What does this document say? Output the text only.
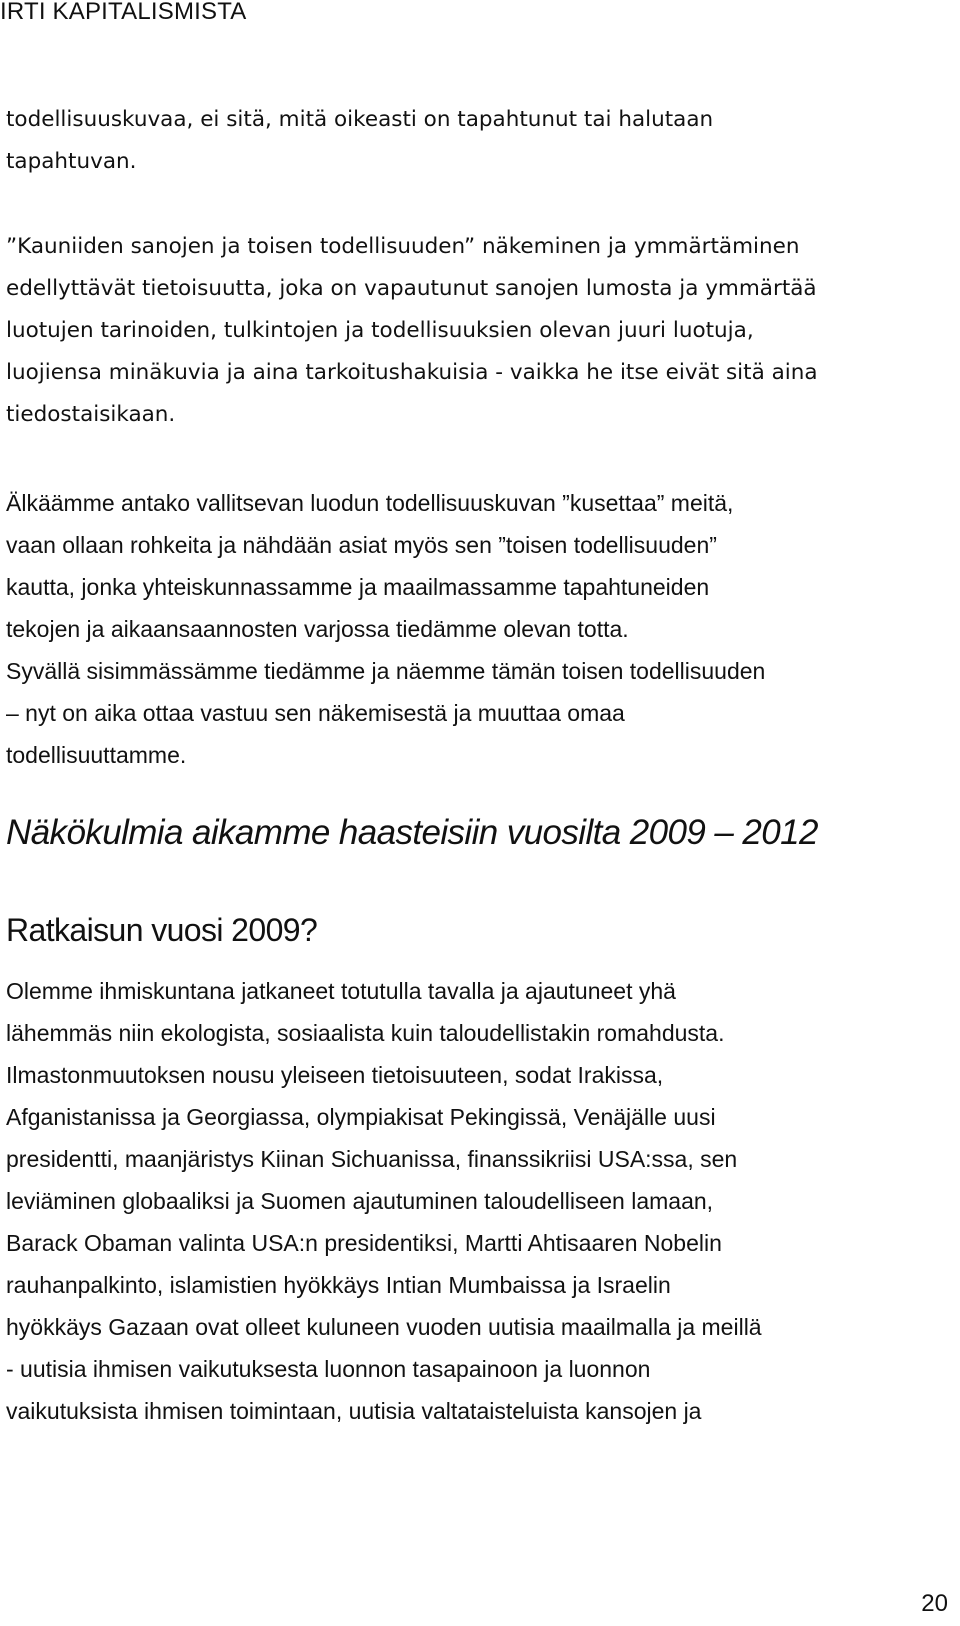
IRTI KAPITALISMISTA
todellisuuskuvaa, ei sitä, mitä oikeasti on tapahtunut tai halutaan
tapahtuvan.
”Kauniiden sanojen ja toisen todellisuuden” näkeminen ja ymmärtäminen
edellyttävät tietoisuutta, joka on vapautunut sanojen lumosta ja ymmärtää
luotujen tarinoiden, tulkintojen ja todellisuuksien olevan juuri luotuja,
luojiensa minäkuvia ja aina tarkoitushakuisia - vaikka he itse eivät sitä aina
tiedostaisikaan.
Älkäämme antako vallitsevan luodun todellisuuskuvan ”kusettaa” meitä,
vaan ollaan rohkeita ja nähdään asiat myös sen ”toisen todellisuuden”
kautta, jonka yhteiskunnassamme ja maailmassamme tapahtuneiden
tekojen ja aikaansaannosten varjossa tiedämme olevan totta.
Syvällä sisimmässämme tiedämme ja näemme tämän toisen todellisuuden
– nyt on aika ottaa vastuu sen näkemisestä ja muuttaa omaa
todellisuuttamme.
Näkökulmia aikamme haasteisiin vuosilta 2009 – 2012
Ratkaisun vuosi 2009?
Olemme ihmiskuntana jatkaneet totutulla tavalla ja ajautuneet yhä
lähemmäs niin ekologista, sosiaalista kuin taloudellistakin romahdusta.
Ilmastonmuutoksen nousu yleiseen tietoisuuteen, sodat Irakissa,
Afganistanissa ja Georgiassa, olympiakisat Pekingissä, Venäjälle uusi
presidentti, maanjäristys Kiinan Sichuanissa, finanssikriisi USA:ssa, sen
leviäminen globaaliksi ja Suomen ajautuminen taloudelliseen lamaan,
Barack Obaman valinta USA:n presidentiksi, Martti Ahtisaaren Nobelin
rauhanpalkinto, islamistien hyökkäys Intian Mumbaissa ja Israelin
hyökkäys Gazaan ovat olleet kuluneen vuoden uutisia maailmalla ja meillä
- uutisia ihmisen vaikutuksesta luonnon tasapainoon ja luonnon
vaikutuksista ihmisen toimintaan, uutisia valtataisteluista kansojen ja
20
